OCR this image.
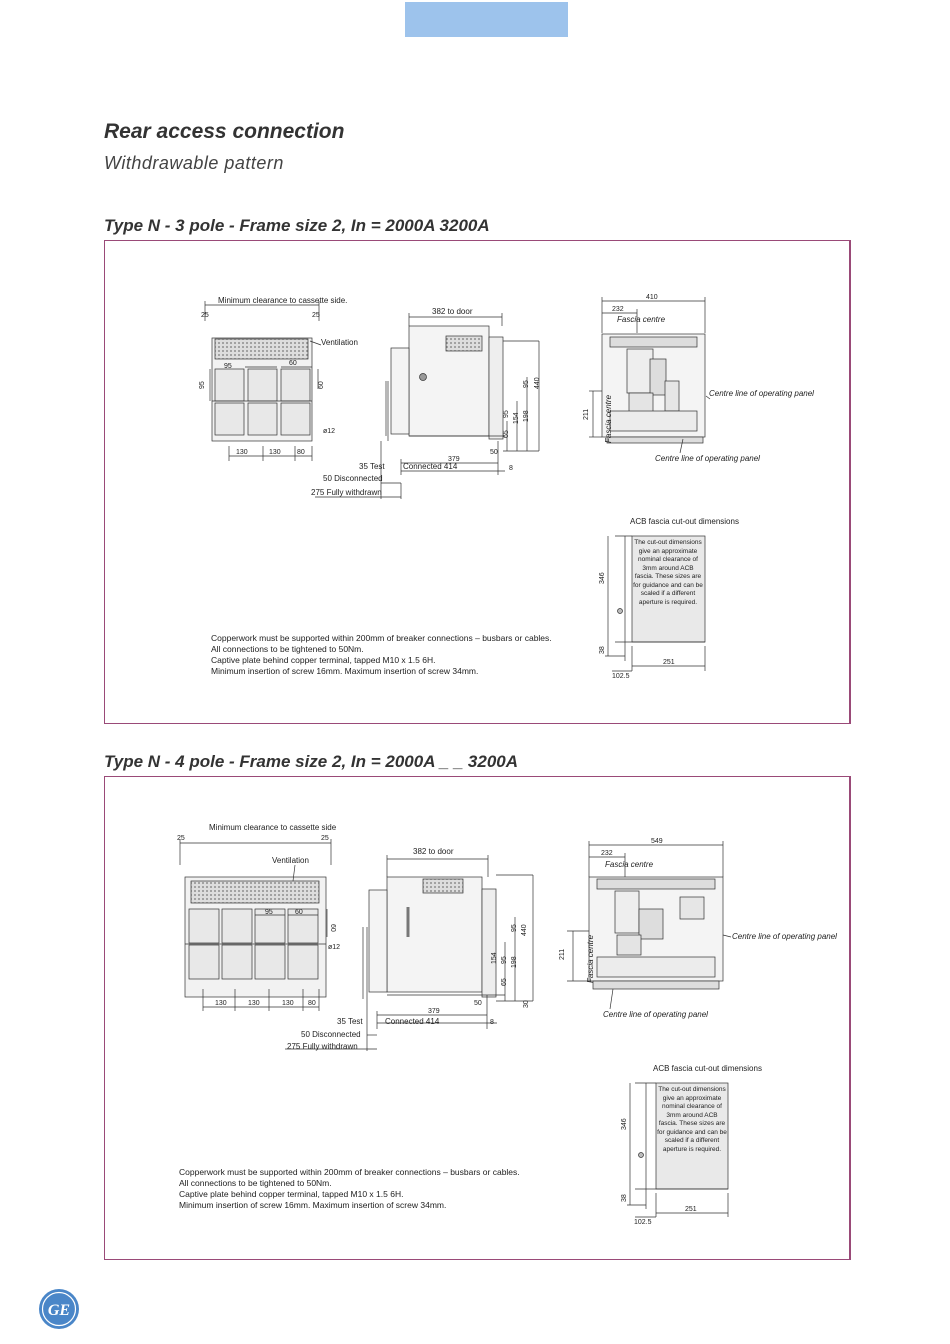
Rear access connection
Withdrawable pattern
Type N - 3 pole - Frame size 2, In = 2000A 3200A
Minimum clearance to cassette side.
25	25
Ventilation
95	60
95	60
ø12
130	130 80
382 to door
95 440
95 154 198
65
50
379
35 Test Connected 414	8
50 Disconnected
275 Fully withdrawn
410
232
Fascia centre
211 Fascia centre
Centre line of operating panel
Centre line of operating panel
ACB fascia cut-out dimensions
346
38
251
102.5
The cut-out dimensions give an approximate nominal clearance of 3mm around ACB fascia. These sizes are for guidance and can be scaled if a different aperture is required.
Copperwork must be supported within 200mm of breaker connections – busbars or cables.
All connections to be tightened to 50Nm.
Captive plate behind copper terminal, tapped M10 x 1.5 6H.
Minimum insertion of screw 16mm. Maximum insertion of screw 34mm.
Type N - 4 pole - Frame size 2, In = 2000A _ _ 3200A
Minimum clearance to cassette side
25	25
Ventilation
95	60
60
ø12
130	130	130 80
382 to door
95 440
154 95 198
65
50	30
379
35 Test	Connected 414	8
50 Disconnected
275 Fully withdrawn
549
232
Fascia centre
211	Fascia centre	Centre line of operating panel
Centre line of operating panel
ACB fascia cut-out dimensions
346
38
251
102.5
The cut-out dimensions give an approximate nominal clearance of 3mm around ACB fascia. These sizes are for guidance and can be scaled if a different aperture is required.
Copperwork must be supported within 200mm of breaker connections – busbars or cables.
All connections to be tightened to 50Nm.
Captive plate behind copper terminal, tapped M10 x 1.5 6H.
Minimum insertion of screw 16mm. Maximum insertion of screw 34mm.
GE
